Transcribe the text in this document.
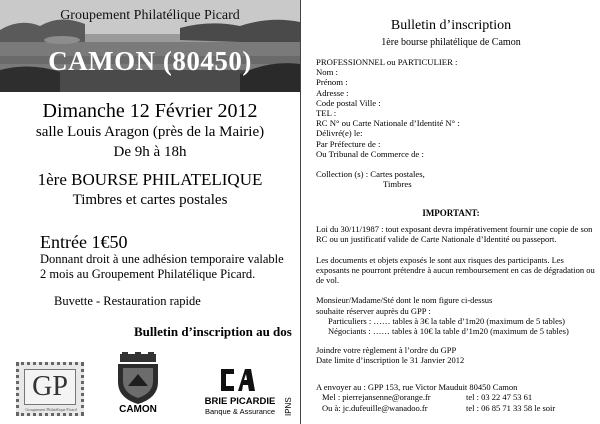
Groupement Philatélique Picard
CAMON (80450)
Dimanche 12 Février 2012
salle Louis Aragon (près de la Mairie)
De 9h à 18h
1ère BOURSE PHILATELIQUE
Timbres et cartes postales
Entrée 1€50
Donnant droit à une adhésion temporaire valable
2 mois au Groupement Philatélique Picard.
Buvette - Restauration rapide
Bulletin d’inscription au dos
GP
Groupement Philatélique Picard	CAMON
BRIE PICARDIE
Banque & Assurance	IPNS
Bulletin d’inscription
1ère bourse philatélique de Camon
PROFESSIONNEL ou PARTICULIER :
Nom :
Prénom :
Adresse :
Code postal Ville :
TEL :
RC N° ou Carte Nationale d’Identité N° :
Délivré(e) le:
Par Préfecture de :
Ou Tribunal de Commerce de :
Collection (s) : Cartes postales,
Timbres
IMPORTANT:

Loi du 30/11/1987 : tout exposant devra impérativement fournir une copie de son RC ou un justificatif valide de Carte Nationale d’Identité ou passeport.

Les documents et objets exposés le sont aux risques des participants. Les exposants ne pourront prétendre à aucun remboursement en cas de dégradation ou de vol.

Monsieur/Madame/Sté dont le nom figure ci-dessus
souhaite réserver auprès du GPP :
Particuliers : …… tables à 3€ la table d’1m20 (maximum de 5 tables)
Négociants : …… tables à 10€ la table d’1m20 (maximum de 5 tables)
Joindre votre règlement à l’ordre du GPP
Date limite d’inscription le 31 Janvier 2012
A envoyer au : GPP 153, rue Victor Mauduit 80450 Camon
Mel : pierrejansenne@orange.fr	tel : 03 22 47 53 61
Ou à: jc.dufeuille@wanadoo.fr	tel : 06 85 71 33 58 le soir
